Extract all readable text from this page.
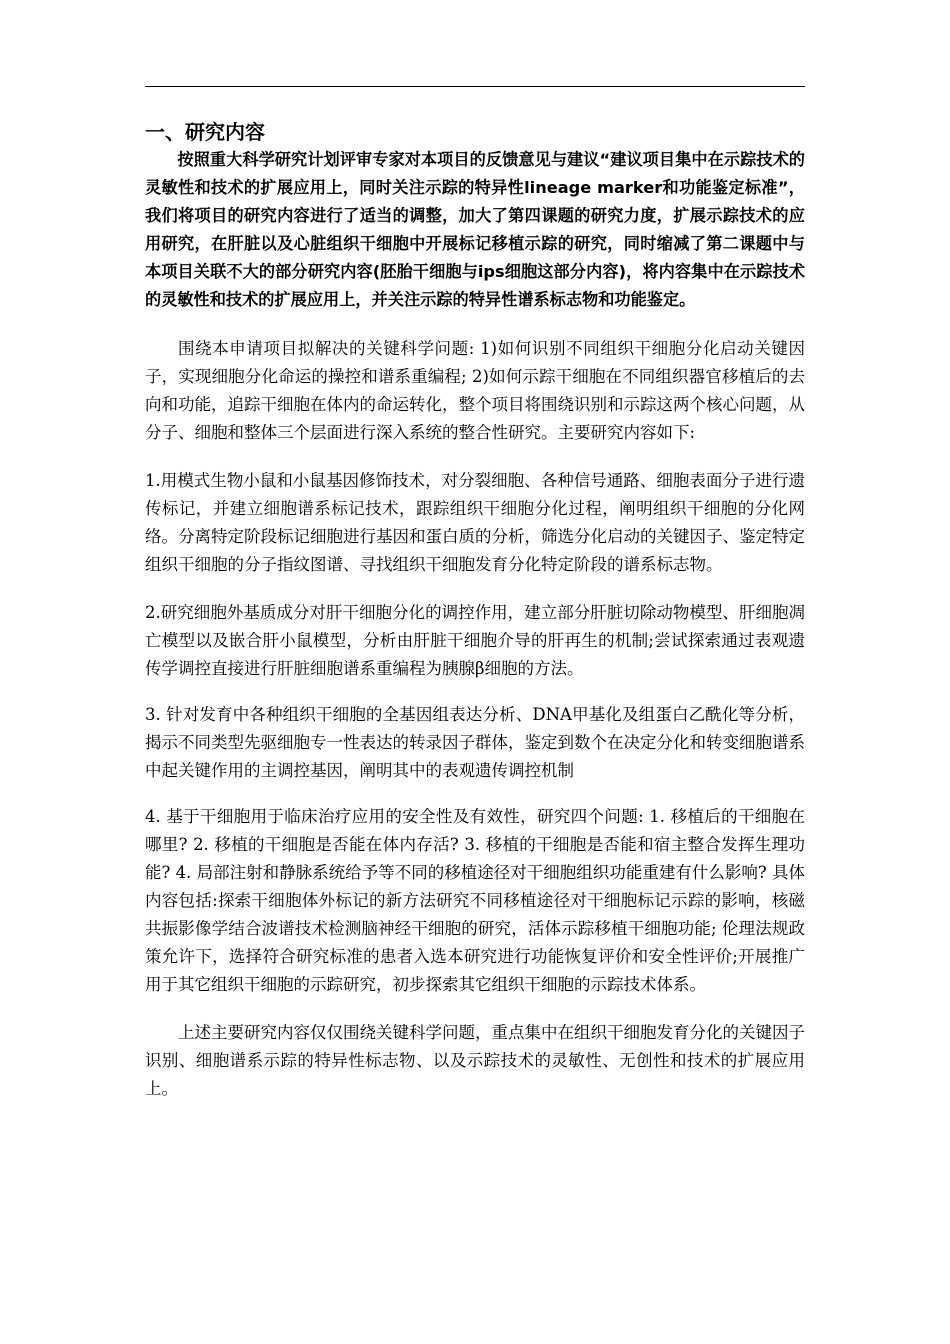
一、研究内容

按照重大科学研究计划评审专家对本项目的反馈意见与建议“建议项目集中在示踪技术的灵敏性和技术的扩展应用上，同时关注示踪的特异性lineage marker和功能鉴定标准”，我们将项目的研究内容进行了适当的调整，加大了第四课题的研究力度，扩展示踪技术的应用研究，在肝脏以及心脏组织干细胞中开展标记移植示踪的研究，同时缩减了第二课题中与本项目关联不大的部分研究内容(胚胎干细胞与ips细胞这部分内容)，将内容集中在示踪技术的灵敏性和技术的扩展应用上，并关注示踪的特异性谱系标志物和功能鉴定。

围绕本申请项目拟解决的关键科学问题: 1)如何识别不同组织干细胞分化启动关键因子，实现细胞分化命运的操控和谱系重编程; 2)如何示踪干细胞在不同组织器官移植后的去向和功能，追踪干细胞在体内的命运转化，整个项目将围绕识别和示踪这两个核心问题，从分子、细胞和整体三个层面进行深入系统的整合性研究。主要研究内容如下:

1.用模式生物小鼠和小鼠基因修饰技术，对分裂细胞、各种信号通路、细胞表面分子进行遗传标记，并建立细胞谱系标记技术，跟踪组织干细胞分化过程，阐明组织干细胞的分化网络。分离特定阶段标记细胞进行基因和蛋白质的分析，筛选分化启动的关键因子、鉴定特定组织干细胞的分子指纹图谱、寻找组织干细胞发育分化特定阶段的谱系标志物。

2.研究细胞外基质成分对肝干细胞分化的调控作用，建立部分肝脏切除动物模型、肝细胞凋亡模型以及嵌合肝小鼠模型，分析由肝脏干细胞介导的肝再生的机制;尝试探索通过表观遗传学调控直接进行肝脏细胞谱系重编程为胰腺β细胞的方法。

3. 针对发育中各种组织干细胞的全基因组表达分析、DNA甲基化及组蛋白乙酰化等分析，揭示不同类型先驱细胞专一性表达的转录因子群体，鉴定到数个在决定分化和转变细胞谱系中起关键作用的主调控基因，阐明其中的表观遗传调控机制

4. 基于干细胞用于临床治疗应用的安全性及有效性，研究四个问题: 1. 移植后的干细胞在哪里? 2. 移植的干细胞是否能在体内存活? 3. 移植的干细胞是否能和宿主整合发挥生理功能? 4. 局部注射和静脉系统给予等不同的移植途径对干细胞组织功能重建有什么影响? 具体内容包括:探索干细胞体外标记的新方法研究不同移植途径对干细胞标记示踪的影响，核磁共振影像学结合波谱技术检测脑神经干细胞的研究，活体示踪移植干细胞功能; 伦理法规政策允许下，选择符合研究标准的患者入选本研究进行功能恢复评价和安全性评价;开展推广用于其它组织干细胞的示踪研究，初步探索其它组织干细胞的示踪技术体系。

上述主要研究内容仅仅围绕关键科学问题，重点集中在组织干细胞发育分化的关键因子识别、细胞谱系示踪的特异性标志物、以及示踪技术的灵敏性、无创性和技术的扩展应用上。
